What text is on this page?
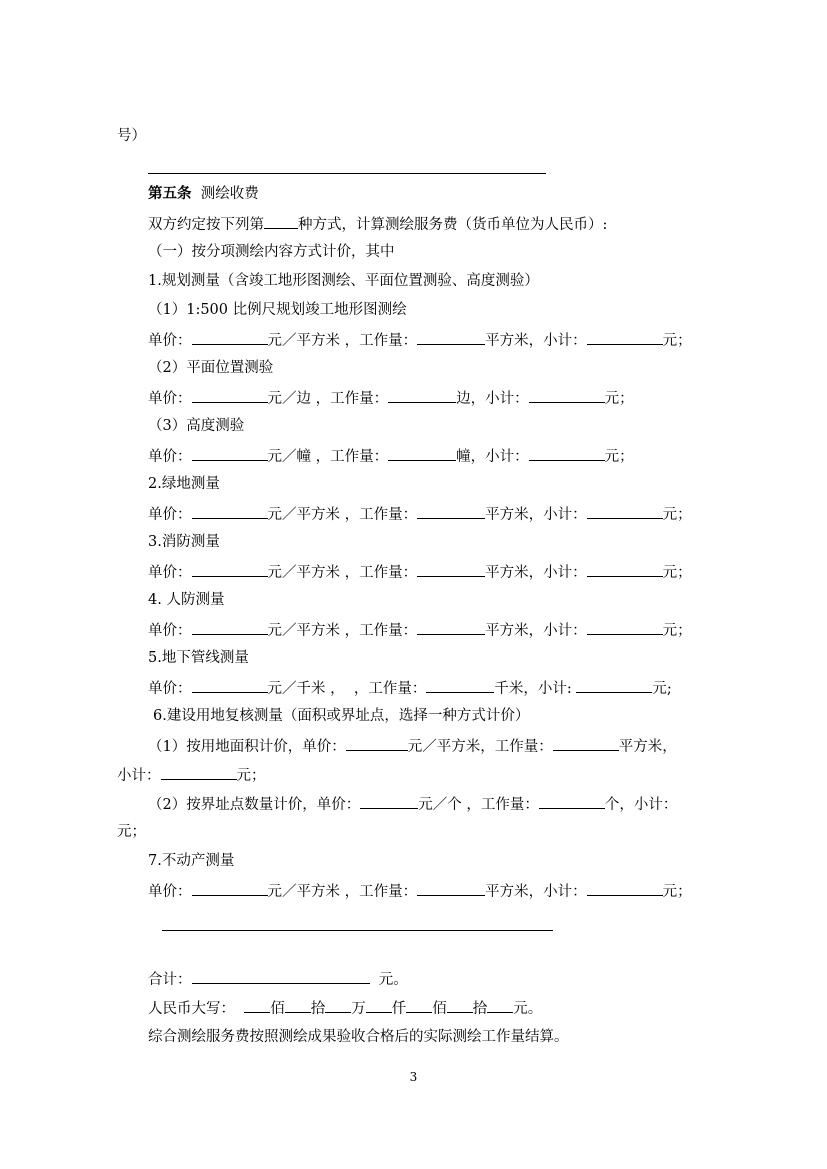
号）
第五条 测绘收费
双方约定按下列第 种方式，计算测绘服务费（货币单位为人民币）:
（一）按分项测绘内容方式计价，其中
1.规划测量（含竣工地形图测绘、平面位置测验、高度测验）
（1）1:500 比例尺规划竣工地形图测绘
单价：	元／平方米 ，工作量：	平方米，小计：	元；
（2）平面位置测验
单价：	元／边 ，工作量：	边，小计：	元；
（3）高度测验
单价：	元／幢 ，工作量：	幢，小计：	元；
2.绿地测量
单价：	元／平方米 ，工作量：	平方米，小计：	元；
3.消防测量
单价：	元／平方米 ，工作量：	平方米，小计：	元；
4. 人防测量
单价：	元／平方米 ，工作量：	平方米，小计：	元；
5.地下管线测量
单价：	元／千米 ，  ，工作量：	千米，小计:	元;
6.建设用地复核测量（面积或界址点，选择一种方式计价）
（1）按用地面积计价，单价：	元／平方米，工作量：	平方米，
小计：	元；
（2）按界址点数量计价，单价：	元／个 ，工作量：	个，小计：
元；
7.不动产测量
单价：	元／平方米 ，工作量：	平方米，小计：	元；
合计：	元。
人民币大写： 佰 拾 万 仟 佰 拾 元。
综合测绘服务费按照测绘成果验收合格后的实际测绘工作量结算。
3
